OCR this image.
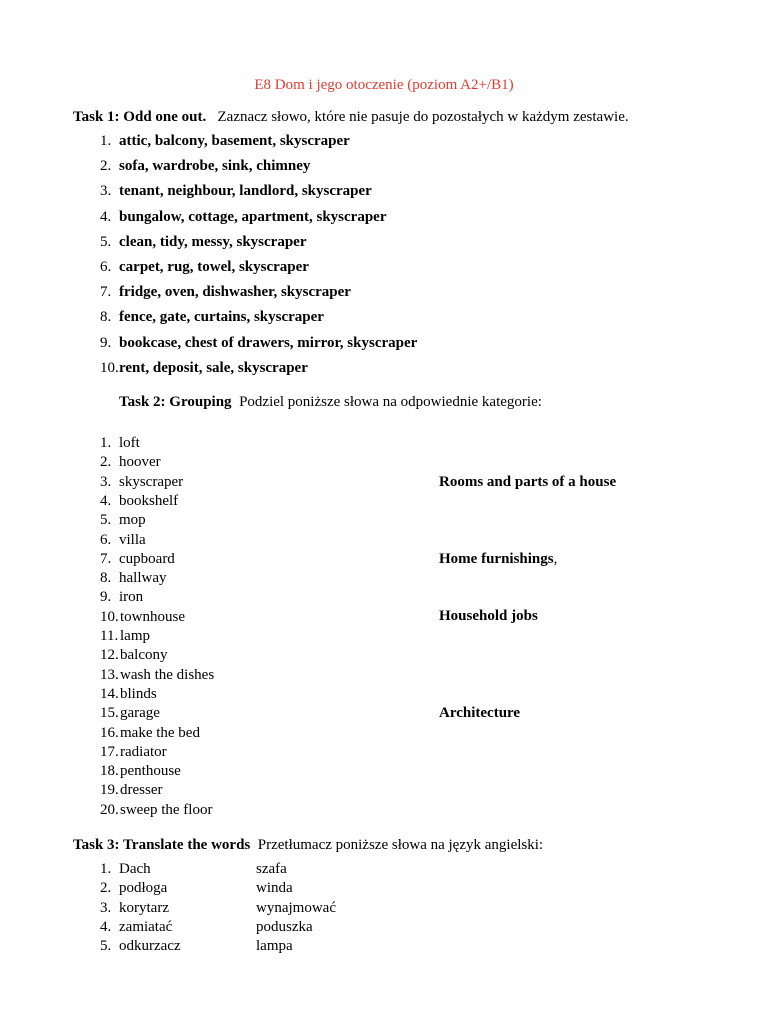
E8 Dom i jego otoczenie (poziom A2+/B1)
Task 1: Odd one out. Zaznacz słowo, które nie pasuje do pozostałych w każdym zestawie.
1. attic, balcony, basement, skyscraper
2. sofa, wardrobe, sink, chimney
3. tenant, neighbour, landlord, skyscraper
4. bungalow, cottage, apartment, skyscraper
5. clean, tidy, messy, skyscraper
6. carpet, rug, towel, skyscraper
7. fridge, oven, dishwasher, skyscraper
8. fence, gate, curtains, skyscraper
9. bookcase, chest of drawers, mirror, skyscraper
10. rent, deposit, sale, skyscraper
Task 2: Grouping Podziel poniższe słowa na odpowiednie kategorie:
1. loft
2. hoover
3. skyscraper
4. bookshelf
5. mop
6. villa
7. cupboard
8. hallway
9. iron
10. townhouse
11. lamp
12. balcony
13. wash the dishes
14. blinds
15. garage
16. make the bed
17. radiator
18. penthouse
19. dresser
20. sweep the floor
Rooms and parts of a house
Home furnishings,
Household jobs
Architecture
Task 3: Translate the words Przetłumacz poniższe słowa na język angielski:
1. Dach	szafa
2. podłoga	winda
3. korytarz	wynajmować
4. zamiatać	poduszka
5. odkurzacz	lampa
